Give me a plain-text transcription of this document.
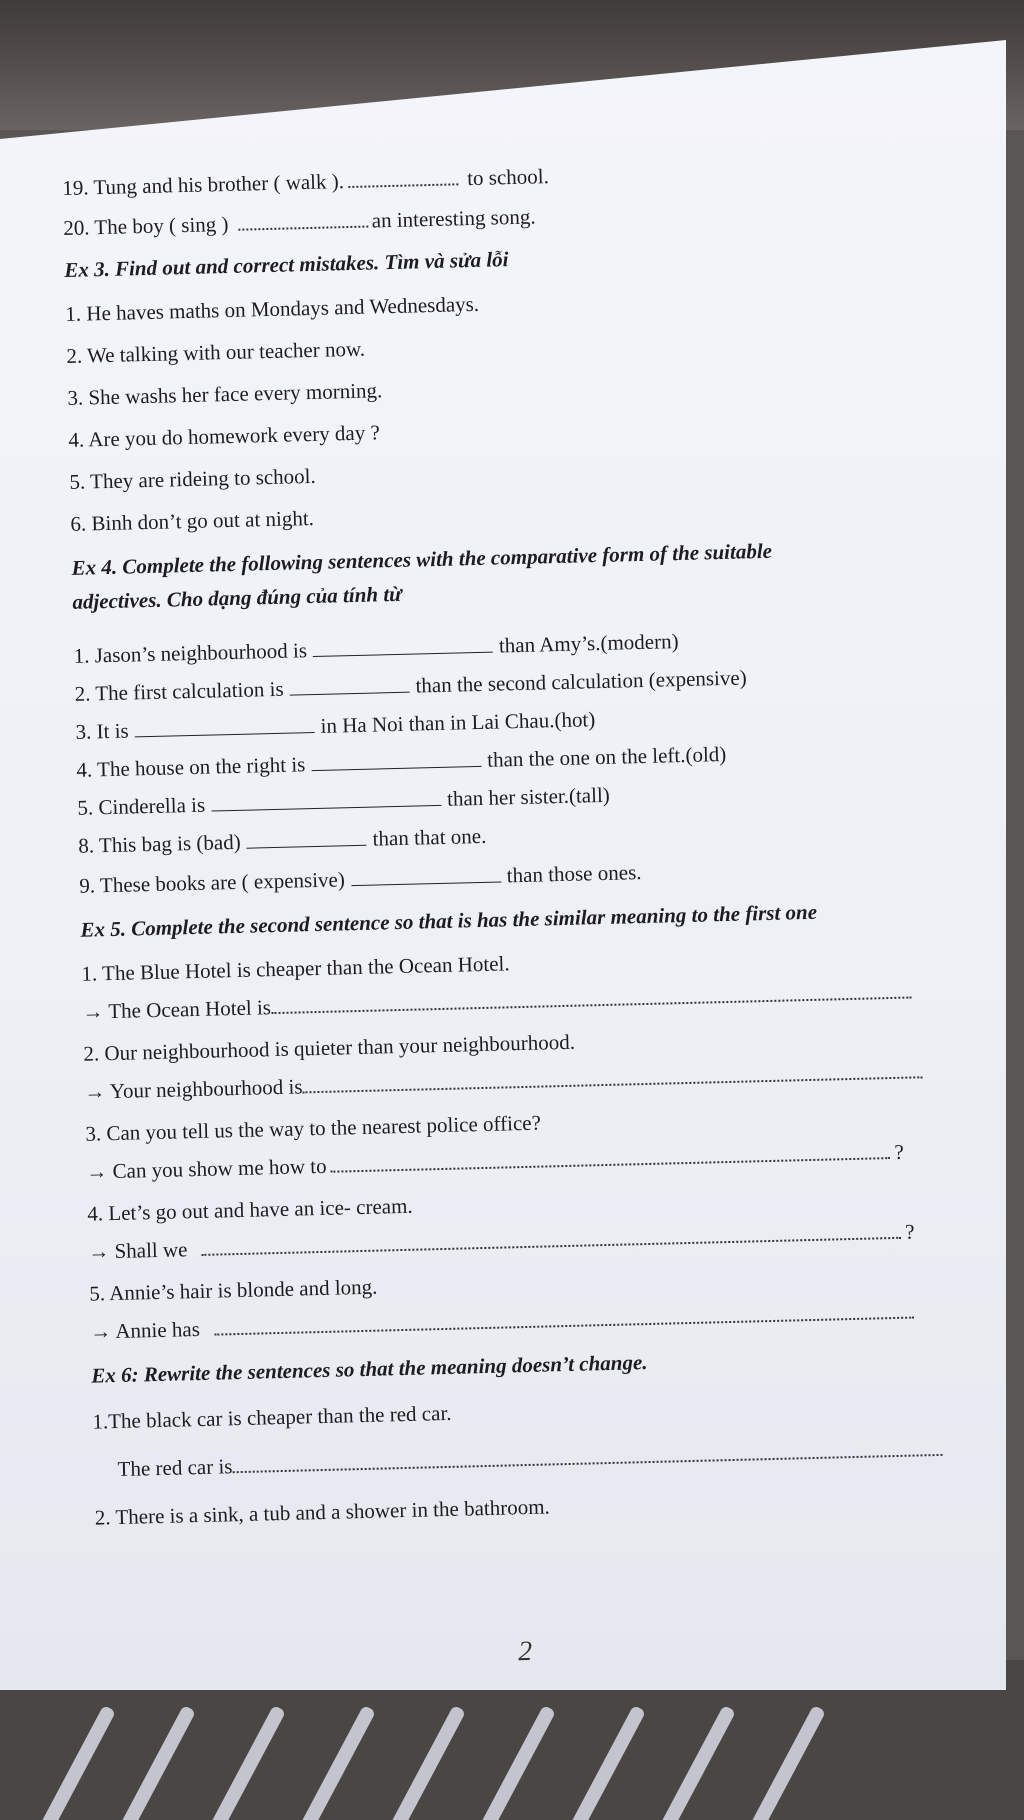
19. Tung and his brother ( walk ).	to school.
20. The boy ( sing )	an interesting song.
Ex 3. Find out and correct mistakes. Tìm và sửa lỗi
1. He haves maths on Mondays and Wednesdays.
2. We talking with our teacher now.
3. She washs her face every morning.
4. Are you do homework every day ?
5. They are rideing to school.
6. Binh don’t go out at night.
Ex 4. Complete the following sentences with the comparative form of the suitable
adjectives. Cho dạng đúng của tính từ
1. Jason’s neighbourhood is	than Amy’s.(modern)
2. The first calculation is	than the second calculation (expensive)
3. It is	in Ha Noi than in Lai Chau.(hot)
4. The house on the right is	than the one on the left.(old)
5. Cinderella is	than her sister.(tall)
8. This bag is (bad)	than that one.
9. These books are ( expensive)	than those ones.
Ex 5. Complete the second sentence so that is has the similar meaning to the first one
1. The Blue Hotel is cheaper than the Ocean Hotel.
→ The Ocean Hotel is
2. Our neighbourhood is quieter than your neighbourhood.
→ Your neighbourhood is
3. Can you tell us the way to the nearest police office?
→ Can you show me how to?
4. Let’s go out and have an ice- cream.
→ Shall we?
5. Annie’s hair is blonde and long.
→ Annie has
Ex 6: Rewrite the sentences so that the meaning doesn’t change.
1.The black car is cheaper than the red car.
The red car is
2. There is a sink, a tub and a shower in the bathroom.
2
